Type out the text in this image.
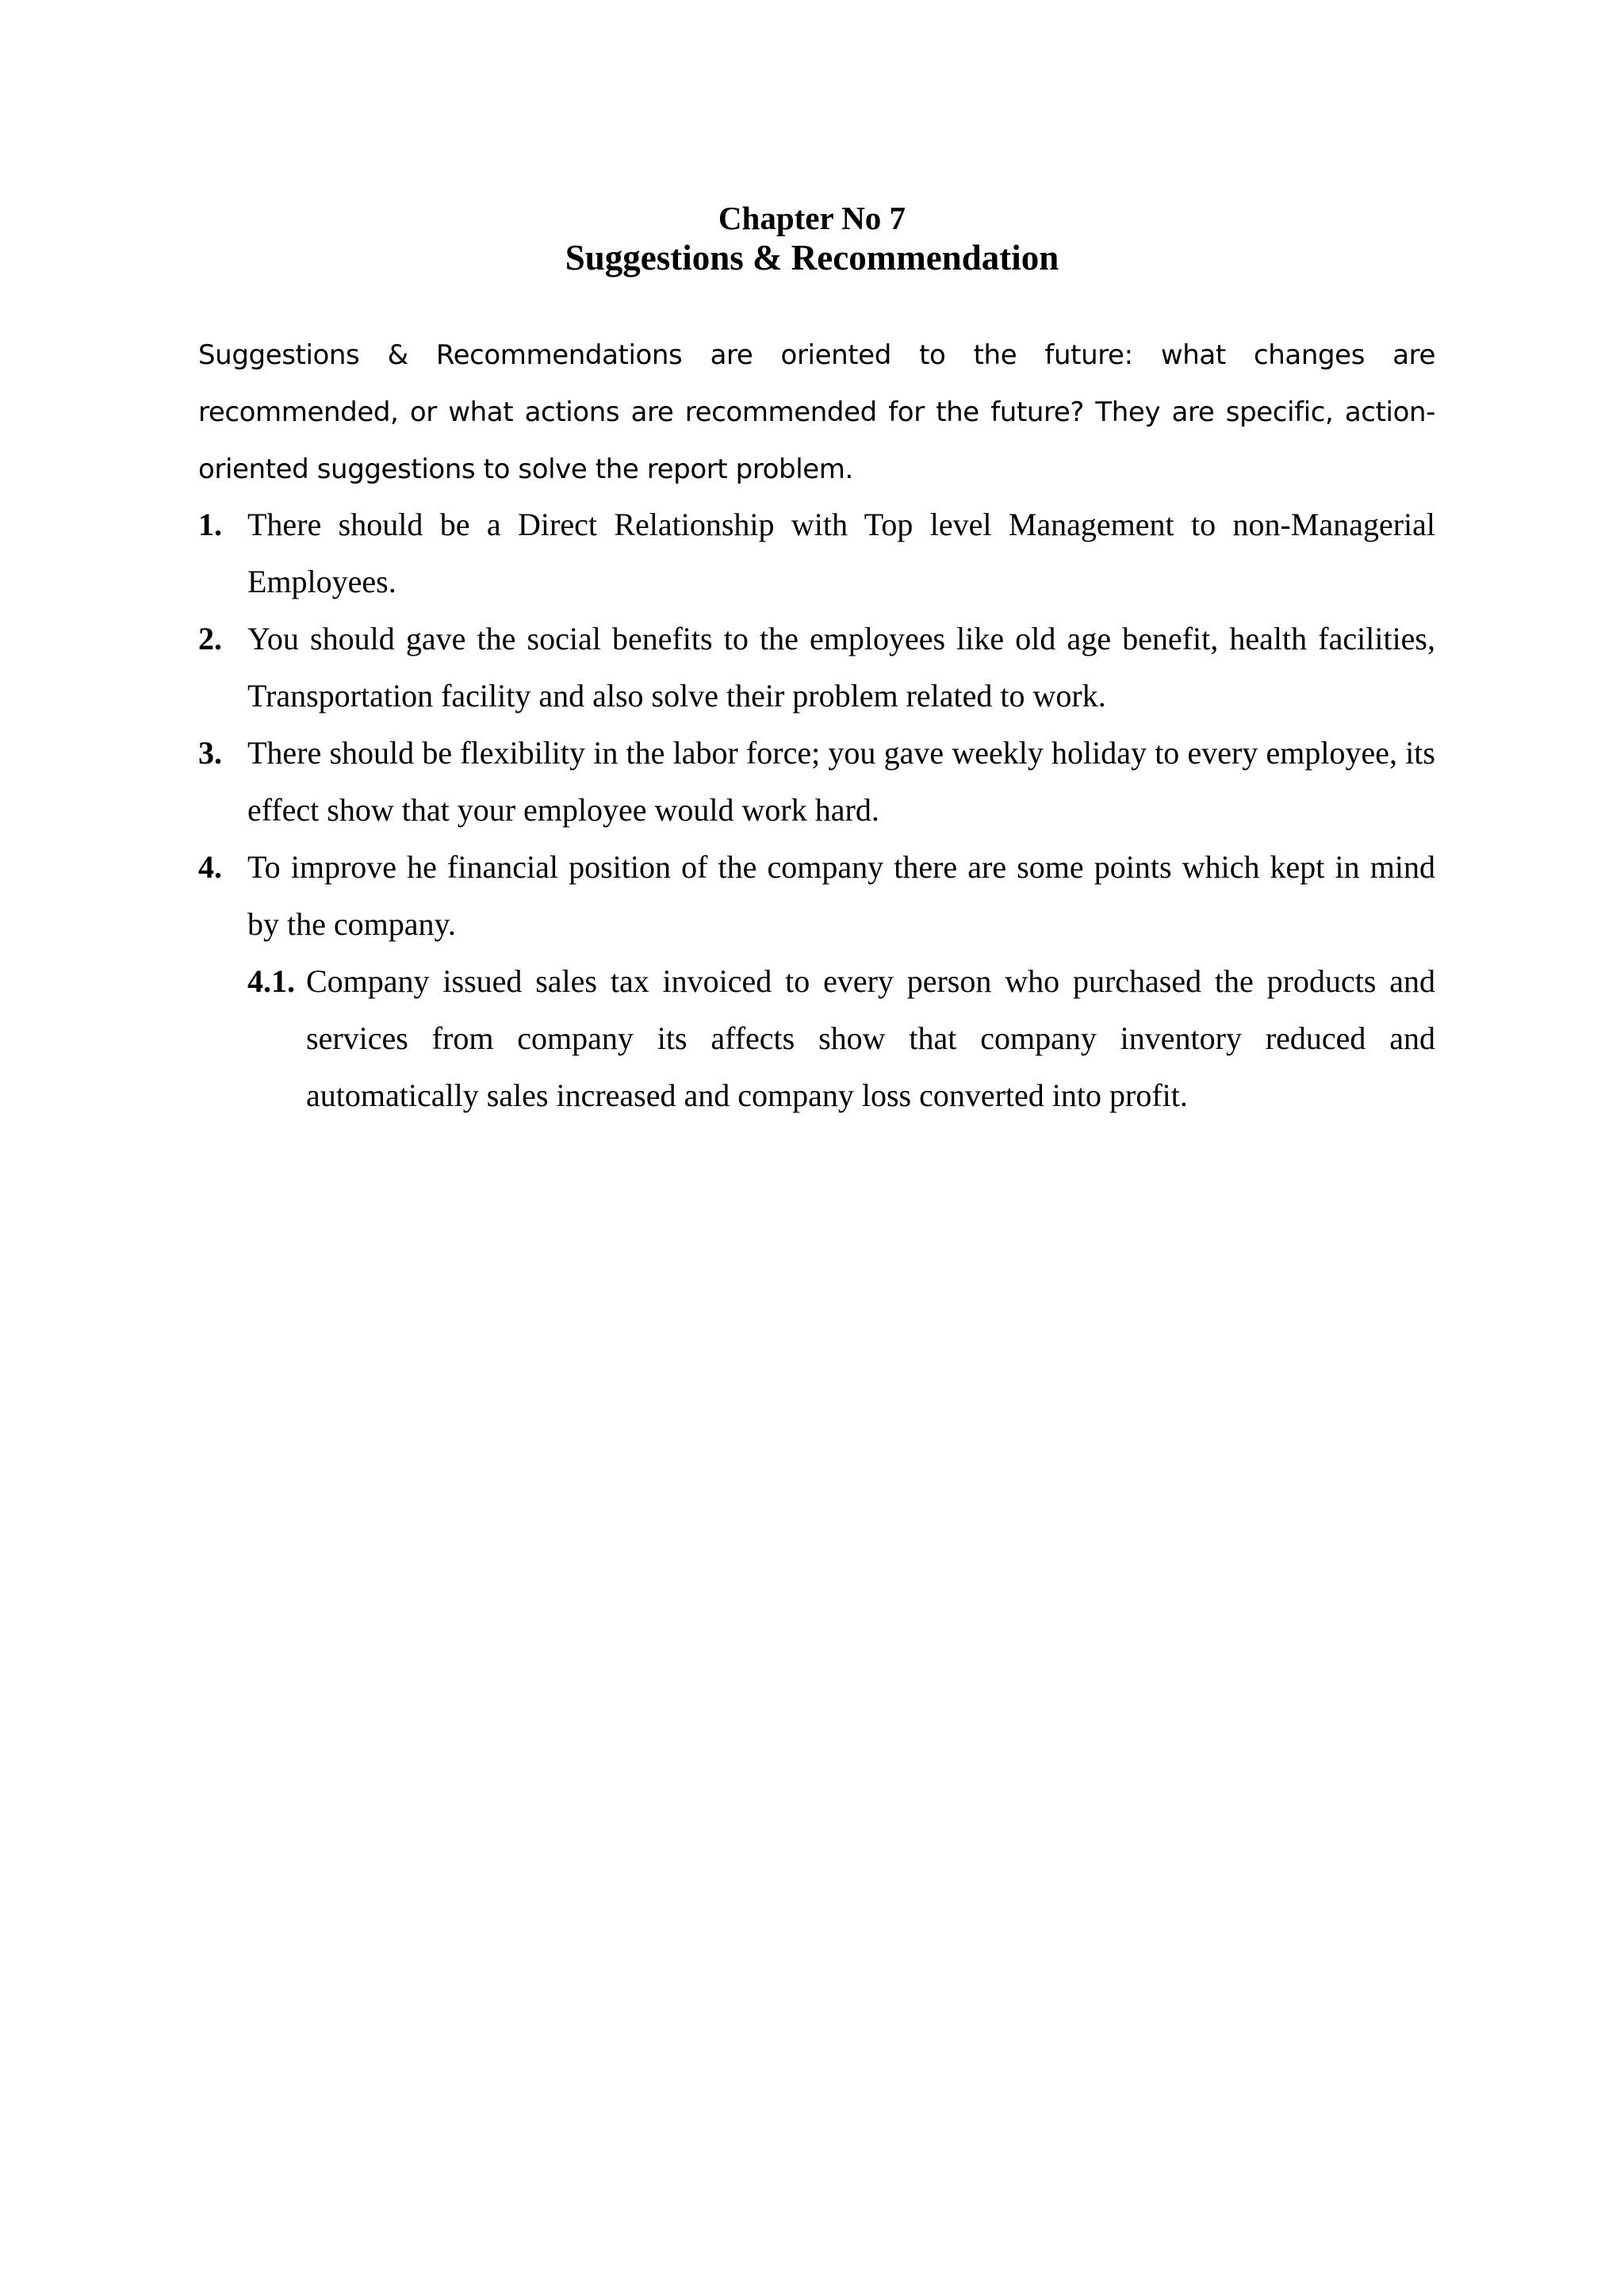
Chapter No 7
Suggestions & Recommendation
Suggestions & Recommendations are oriented to the future: what changes are recommended, or what actions are recommended for the future? They are specific, action-oriented suggestions to solve the report problem.
1. There should be a Direct Relationship with Top level Management to non-Managerial Employees.
2. You should gave the social benefits to the employees like old age benefit, health facilities, Transportation facility and also solve their problem related to work.
3. There should be flexibility in the labor force; you gave weekly holiday to every employee, its effect show that your employee would work hard.
4. To improve he financial position of the company there are some points which kept in mind by the company.
4.1. Company issued sales tax invoiced to every person who purchased the products and services from company its affects show that company inventory reduced and automatically sales increased and company loss converted into profit.
